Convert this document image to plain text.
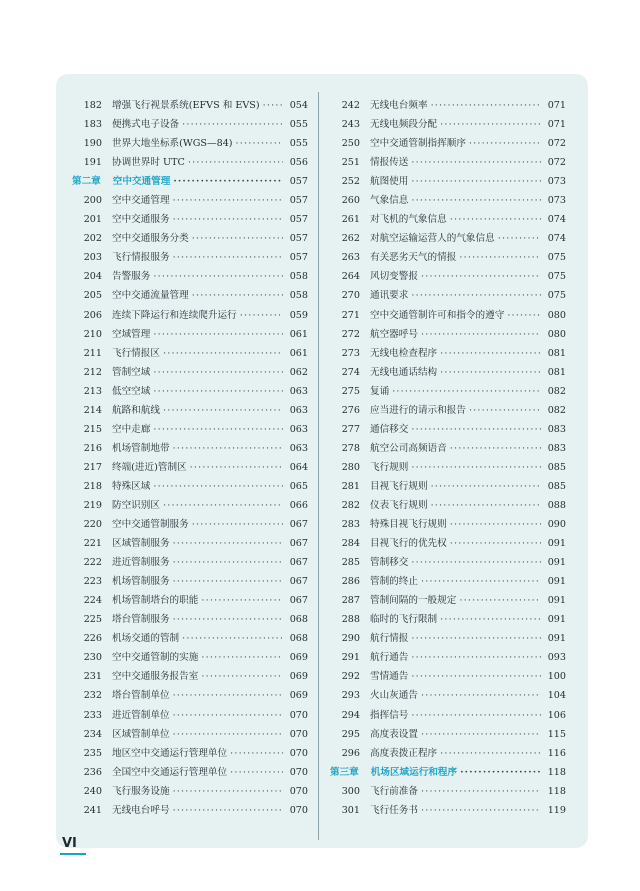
182	增强飞行视景系统(EFVS 和 EVS) ·····	054
183	便携式电子设备 ·····	055
190	世界大地坐标系(WGS—84) ·····	055
191	协调世界时 UTC ·····	056
第二章	空中交通管理 ·····	057
200	空中交通管理 ·····	057
201	空中交通服务 ·····	057
202	空中交通服务分类 ·····	057
203	飞行情报服务 ·····	057
204	告警服务 ·····	058
205	空中交通流量管理 ·····	058
206	连续下降运行和连续爬升运行 ·····	059
210	空域管理 ·····	061
211	飞行情报区 ·····	061
212	管制空域 ·····	062
213	低空空域 ·····	063
214	航路和航线 ·····	063
215	空中走廊 ·····	063
216	机场管制地带 ·····	063
217	终端(进近)管制区 ·····	064
218	特殊区域 ·····	065
219	防空识别区 ·····	066
220	空中交通管制服务 ·····	067
221	区域管制服务 ·····	067
222	进近管制服务 ·····	067
223	机场管制服务 ·····	067
224	机场管制塔台的职能 ·····	067
225	塔台管制服务 ·····	068
226	机场交通的管制 ·····	068
230	空中交通管制的实施 ·····	069
231	空中交通服务报告室 ·····	069
232	塔台管制单位 ·····	069
233	进近管制单位 ·····	070
234	区域管制单位 ·····	070
235	地区空中交通运行管理单位 ·····	070
236	全国空中交通运行管理单位 ·····	070
240	飞行服务设施 ·····	070
241	无线电台呼号 ·····	070
242	无线电台频率 ·····	071
243	无线电频段分配 ·····	071
250	空中交通管制指挥顺序 ·····	072
251	情报传送 ·····	072
252	航图使用 ·····	073
260	气象信息 ·····	073
261	对飞机的气象信息 ·····	074
262	对航空运输运营人的气象信息 ·····	074
263	有关恶劣天气的情报 ·····	075
264	风切变警报 ·····	075
270	通讯要求 ·····	075
271	空中交通管制许可和指令的遵守 ·····	080
272	航空器呼号 ·····	080
273	无线电检查程序 ·····	081
274	无线电通话结构 ·····	081
275	复诵 ·····	082
276	应当进行的请示和报告 ·····	082
277	通信移交 ·····	083
278	航空公司高频语音 ·····	083
280	飞行规则 ·····	085
281	目视飞行规则 ·····	085
282	仪表飞行规则 ·····	088
283	特殊目视飞行规则 ·····	090
284	目视飞行的优先权 ·····	091
285	管制移交 ·····	091
286	管制的终止 ·····	091
287	管制间隔的一般规定 ·····	091
288	临时的飞行限制 ·····	091
290	航行情报 ·····	091
291	航行通告 ·····	093
292	雪情通告 ·····	100
293	火山灰通告 ·····	104
294	指挥信号 ·····	106
295	高度表设置 ·····	115
296	高度表拨正程序 ·····	116
第三章	机场区域运行和程序 ·····	118
300	飞行前准备 ·····	118
301	飞行任务书 ·····	119
VI
